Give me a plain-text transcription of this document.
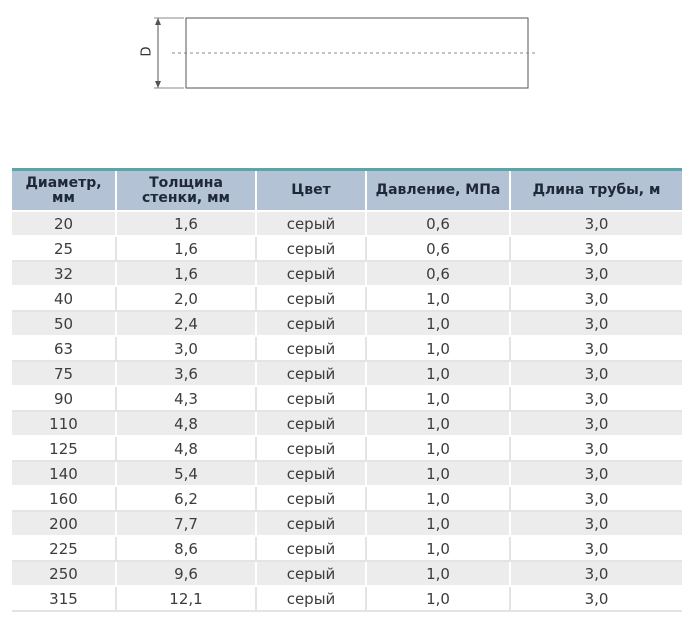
D
Диаметр, мм	Толщина стенки, мм	Цвет	Давление, МПа	Длина трубы, м
20	1,6	серый	0,6	3,0
25	1,6	серый	0,6	3,0
32	1,6	серый	0,6	3,0
40	2,0	серый	1,0	3,0
50	2,4	серый	1,0	3,0
63	3,0	серый	1,0	3,0
75	3,6	серый	1,0	3,0
90	4,3	серый	1,0	3,0
110	4,8	серый	1,0	3,0
125	4,8	серый	1,0	3,0
140	5,4	серый	1,0	3,0
160	6,2	серый	1,0	3,0
200	7,7	серый	1,0	3,0
225	8,6	серый	1,0	3,0
250	9,6	серый	1,0	3,0
315	12,1	серый	1,0	3,0
